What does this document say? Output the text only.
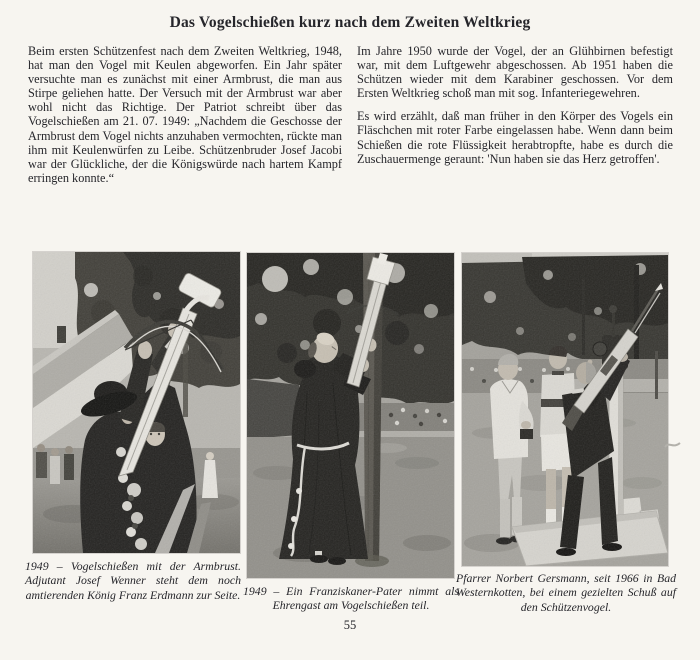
Das Vogelschießen kurz nach dem Zweiten Weltkrieg

Beim ersten Schützenfest nach dem Zweiten Weltkrieg, 1948, hat man den Vogel mit Keulen abgeworfen. Ein Jahr später versuchte man es zunächst mit einer Armbrust, die man aus Stirpe geliehen hatte. Der Versuch mit der Armbrust war aber wohl nicht das Richtige. Der Patriot schreibt über das Vogelschießen am 21. 07. 1949: „Nachdem die Geschosse der Armbrust dem Vogel nichts anzuhaben vermochten, rückte man ihm mit Keulenwürfen zu Leibe. Schützenbruder Josef Jacobi war der Glückliche, der die Königswürde nach hartem Kampf erringen konnte.“

Im Jahre 1950 wurde der Vogel, der an Glühbirnen befestigt war, mit dem Luftgewehr abgeschossen. Ab 1951 haben die Schützen wieder mit dem Karabiner geschossen. Vor dem Ersten Weltkrieg schoß man mit sog. Infanteriegewehren.

Es wird erzählt, daß man früher in den Körper des Vogels ein Fläschchen mit roter Farbe eingelassen habe. Wenn dann beim Schießen die rote Flüssigkeit herabtropfte, habe es durch die Zuschauermenge geraunt: 'Nun haben sie das Herz getroffen'.

1949 – Vogelschießen mit der Armbrust. Adjutant Josef Wenner steht dem noch amtierenden König Franz Erdmann zur Seite. 1949 – Ein Franziskaner-Pater nimmt als Ehrengast am Vogelschießen teil.
Pfarrer Norbert Gersmann, seit 1966 in Bad Westernkotten, bei einem gezielten Schuß auf den Schützenvogel.
55
